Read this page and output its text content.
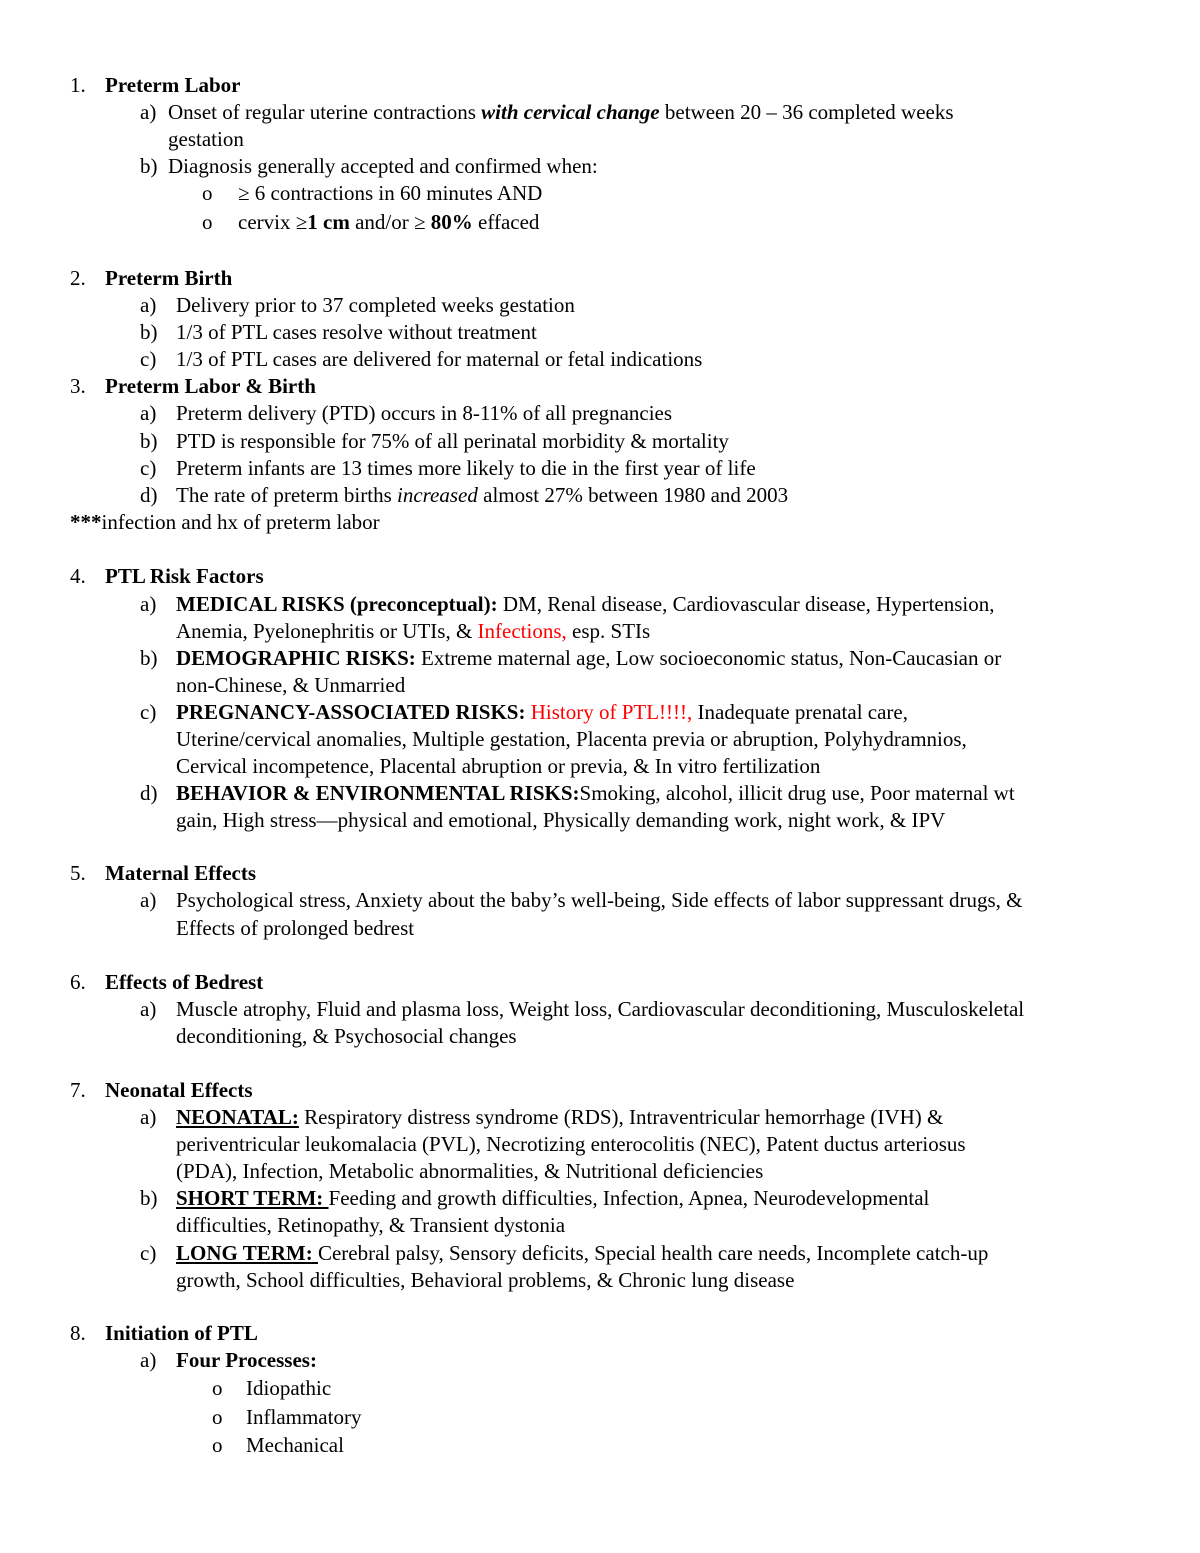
1. Preterm Labor
a) Onset of regular uterine contractions with cervical change between 20 – 36 completed weeks
gestation
b) Diagnosis generally accepted and confirmed when:
o ≥ 6 contractions in 60 minutes AND
o cervix ≥1 cm and/or ≥ 80% effaced
2. Preterm Birth
a) Delivery prior to 37 completed weeks gestation
b) 1/3 of PTL cases resolve without treatment
c) 1/3 of PTL cases are delivered for maternal or fetal indications
3. Preterm Labor & Birth
a) Preterm delivery (PTD) occurs in 8-11% of all pregnancies
b) PTD is responsible for 75% of all perinatal morbidity & mortality
c) Preterm infants are 13 times more likely to die in the first year of life
d) The rate of preterm births increased almost 27% between 1980 and 2003
***infection and hx of preterm labor
4. PTL Risk Factors
a) MEDICAL RISKS (preconceptual): DM, Renal disease, Cardiovascular disease, Hypertension,
Anemia, Pyelonephritis or UTIs, & Infections, esp. STIs
b) DEMOGRAPHIC RISKS: Extreme maternal age, Low socioeconomic status, Non-Caucasian or
non-Chinese, & Unmarried
c) PREGNANCY-ASSOCIATED RISKS: History of PTL!!!!, Inadequate prenatal care,
Uterine/cervical anomalies, Multiple gestation, Placenta previa or abruption, Polyhydramnios,
Cervical incompetence, Placental abruption or previa, & In vitro fertilization
d) BEHAVIOR & ENVIRONMENTAL RISKS:Smoking, alcohol, illicit drug use, Poor maternal wt
gain, High stress—physical and emotional, Physically demanding work, night work, & IPV
5. Maternal Effects
a) Psychological stress, Anxiety about the baby’s well-being, Side effects of labor suppressant drugs, &
Effects of prolonged bedrest
6. Effects of Bedrest
a) Muscle atrophy, Fluid and plasma loss, Weight loss, Cardiovascular deconditioning, Musculoskeletal
deconditioning, & Psychosocial changes
7. Neonatal Effects
a) NEONATAL: Respiratory distress syndrome (RDS), Intraventricular hemorrhage (IVH) &
periventricular leukomalacia (PVL), Necrotizing enterocolitis (NEC), Patent ductus arteriosus
(PDA), Infection, Metabolic abnormalities, & Nutritional deficiencies
b) SHORT TERM: Feeding and growth difficulties, Infection, Apnea, Neurodevelopmental
difficulties, Retinopathy, & Transient dystonia
c) LONG TERM: Cerebral palsy, Sensory deficits, Special health care needs, Incomplete catch-up
growth, School difficulties, Behavioral problems, & Chronic lung disease
8. Initiation of PTL
a) Four Processes:
o Idiopathic
o Inflammatory
o Mechanical
